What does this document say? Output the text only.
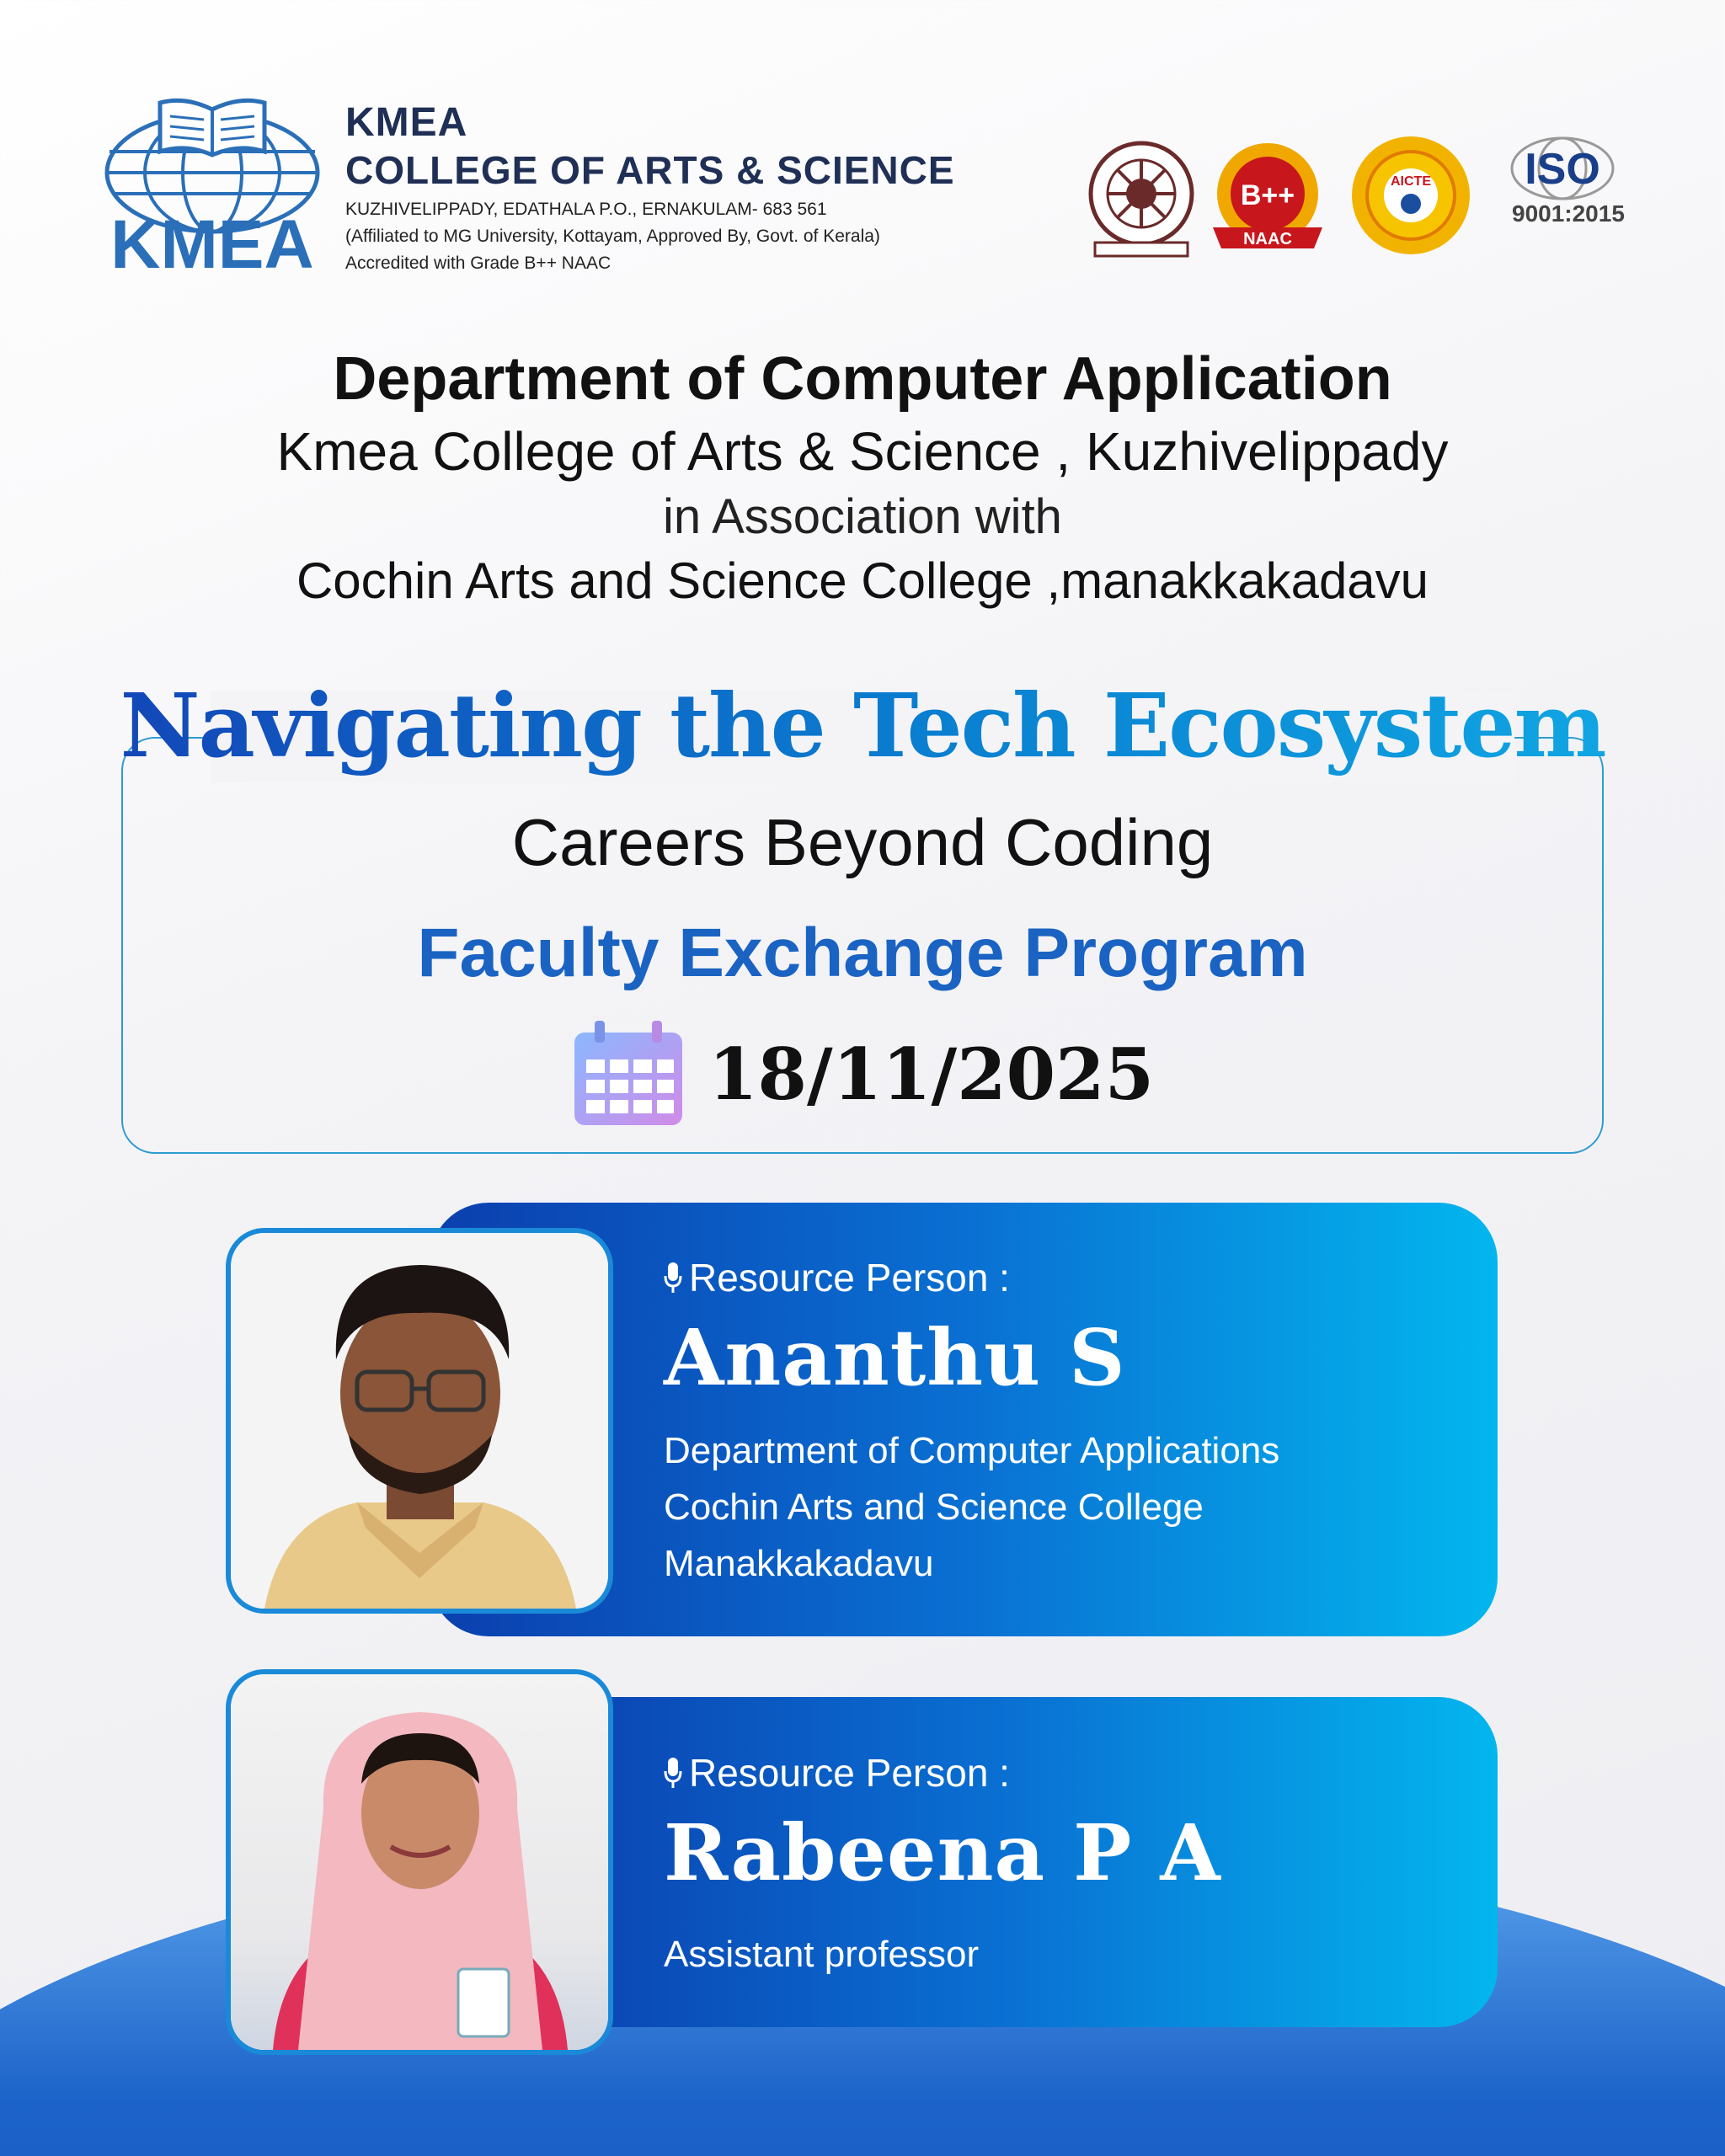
KMEA
KMEA
COLLEGE OF ARTS & SCIENCE
KUZHIVELIPPADY, EDATHALA P.O., ERNAKULAM- 683 561
(Affiliated to MG University, Kottayam, Approved By, Govt. of Kerala)
Accredited with Grade B++ NAAC
B++
NAAC
AICTE ISO
9001:2015
Department of Computer Application
Kmea College of Arts & Science , Kuzhivelippady
in Association with
Cochin Arts and Science College ,manakkakadavu
Navigating the Tech Ecosystem
Careers Beyond Coding
Faculty Exchange Program
18/11/2025
Resource Person :
Ananthu S
Department of Computer Applications
Cochin Arts and Science College
Manakkakadavu
Resource Person :
Rabeena P A
Assistant professor
